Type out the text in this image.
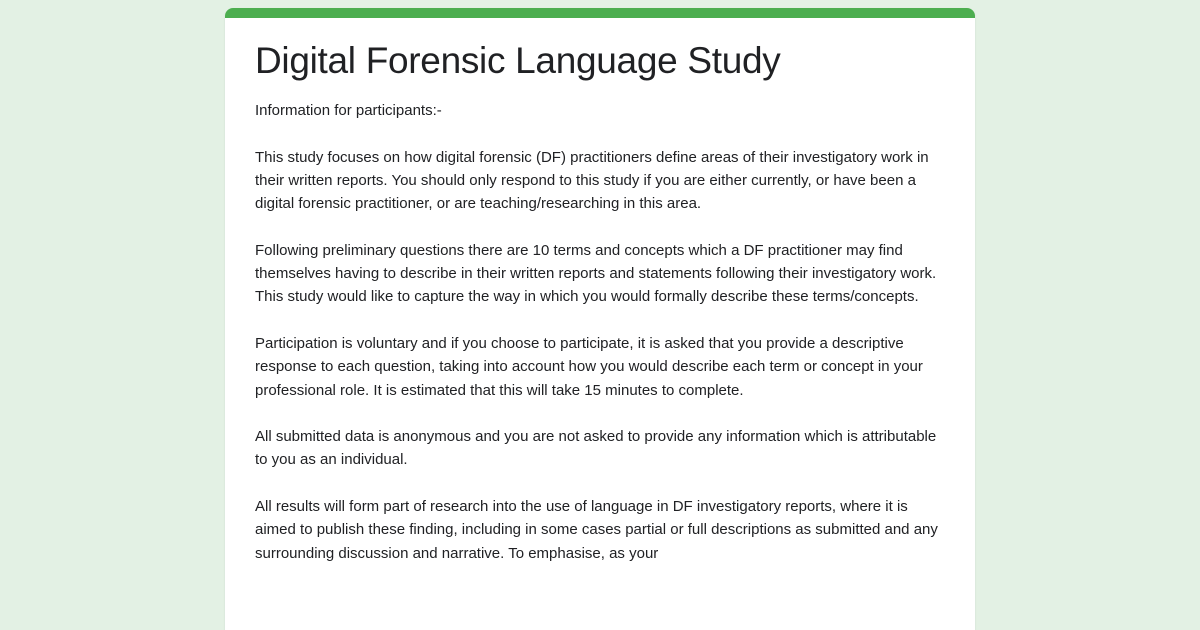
Digital Forensic Language Study

Information for participants:-

This study focuses on how digital forensic (DF) practitioners define areas of their investigatory work in their written reports. You should only respond to this study if you are either currently, or have been a digital forensic practitioner, or are teaching/researching in this area.

Following preliminary questions there are 10 terms and concepts which a DF practitioner may find themselves having to describe in their written reports and statements following their investigatory work. This study would like to capture the way in which you would formally describe these terms/concepts.

Participation is voluntary and if you choose to participate, it is asked that you provide a descriptive response to each question, taking into account how you would describe each term or concept in your professional role. It is estimated that this will take 15 minutes to complete.

All submitted data is anonymous and you are not asked to provide any information which is attributable to you as an individual.

All results will form part of research into the use of language in DF investigatory reports, where it is aimed to publish these finding, including in some cases partial or full descriptions as submitted and any surrounding discussion and narrative. To emphasise, as your
